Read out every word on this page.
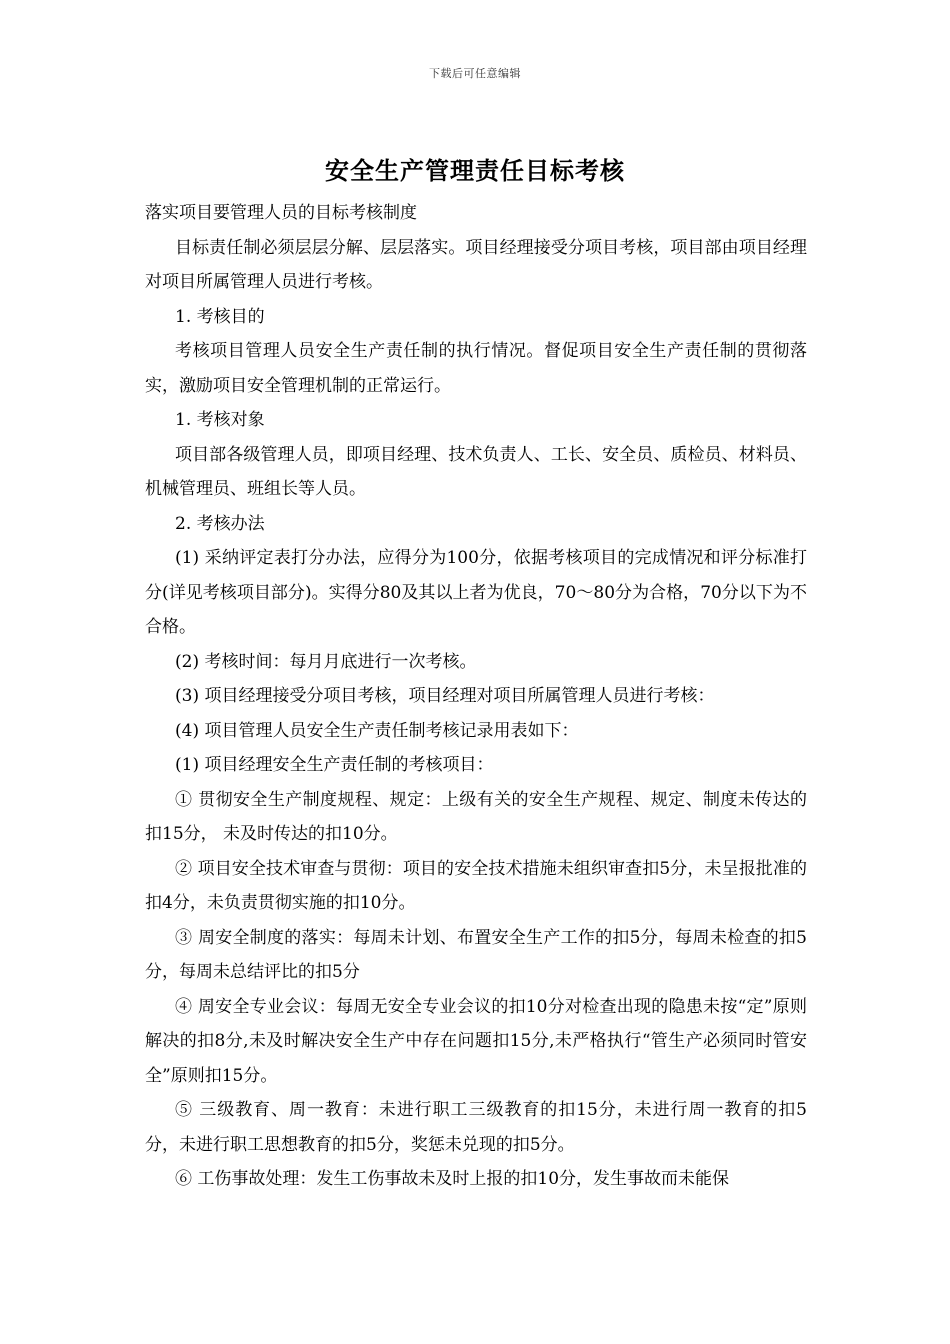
下载后可任意编辑
安全生产管理责任目标考核

落实项目要管理人员的目标考核制度

目标责任制必须层层分解、层层落实。项目经理接受分项目考核，项目部由项目经理对项目所属管理人员进行考核。

1. 考核目的

考核项目管理人员安全生产责任制的执行情况。督促项目安全生产责任制的贯彻落实，激励项目安全管理机制的正常运行。

1. 考核对象

项目部各级管理人员，即项目经理、技术负责人、工长、安全员、质检员、材料员、机械管理员、班组长等人员。

2. 考核办法

(1) 采纳评定表打分办法，应得分为100分，依据考核项目的完成情况和评分标准打分(详见考核项目部分)。实得分80及其以上者为优良，70～80分为合格，70分以下为不合格。

(2) 考核时间：每月月底进行一次考核。

(3) 项目经理接受分项目考核，项目经理对项目所属管理人员进行考核：

(4) 项目管理人员安全生产责任制考核记录用表如下：

(1) 项目经理安全生产责任制的考核项目：

① 贯彻安全生产制度规程、规定：上级有关的安全生产规程、规定、制度未传达的扣15分， 未及时传达的扣10分。

② 项目安全技术审查与贯彻：项目的安全技术措施未组织审查扣5分，未呈报批准的扣4分，未负责贯彻实施的扣10分。

③ 周安全制度的落实：每周未计划、布置安全生产工作的扣5分，每周未检查的扣5分，每周未总结评比的扣5分

④ 周安全专业会议：每周无安全专业会议的扣10分对检查出现的隐患未按“定”原则解决的扣8分,未及时解决安全生产中存在问题扣15分,未严格执行“管生产必须同时管安全”原则扣15分。

⑤ 三级教育、周一教育：未进行职工三级教育的扣15分，未进行周一教育的扣5分，未进行职工思想教育的扣5分，奖惩未兑现的扣5分。

⑥ 工伤事故处理：发生工伤事故未及时上报的扣10分，发生事故而未能保
